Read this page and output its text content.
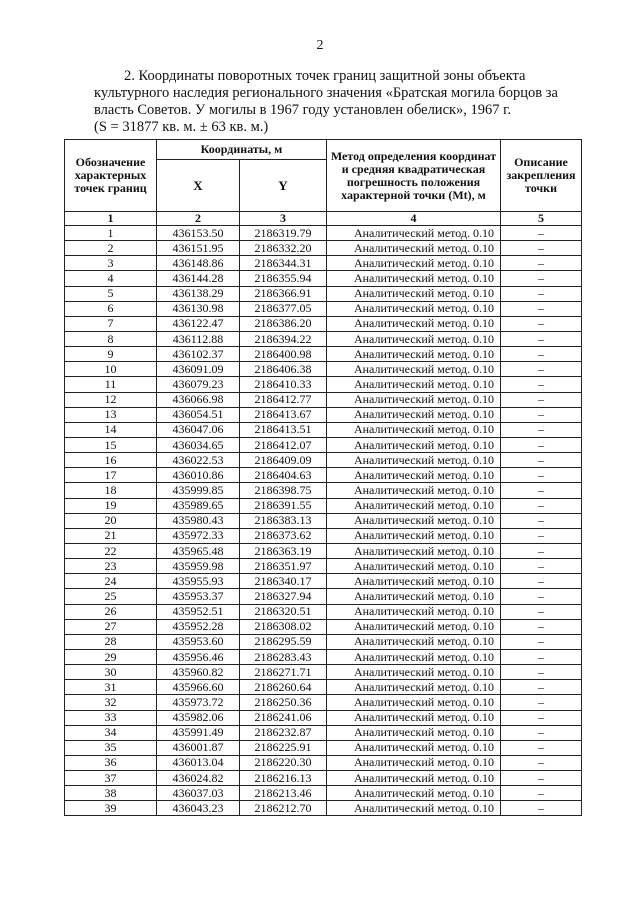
2

2. Координаты поворотных точек границ защитной зоны объекта

культурного наследия регионального значения «Братская могила борцов за

власть Советов. У могилы в 1967 году установлен обелиск», 1967 г.

(S = 31877 кв. м. ± 63 кв. м.)

Обозначение характерных точек границ	Координаты, м		Метод определения координат и средняя квадратическая погрешность положения характерной точки (Mt), м	Описание закрепления точки
	X	Y		
1	2	3	4	5
1	436153.50	2186319.79	Аналитический метод. 0.10	–
2	436151.95	2186332.20	Аналитический метод. 0.10	–
3	436148.86	2186344.31	Аналитический метод. 0.10	–
4	436144.28	2186355.94	Аналитический метод. 0.10	–
5	436138.29	2186366.91	Аналитический метод. 0.10	–
6	436130.98	2186377.05	Аналитический метод. 0.10	–
7	436122.47	2186386.20	Аналитический метод. 0.10	–
8	436112.88	2186394.22	Аналитический метод. 0.10	–
9	436102.37	2186400.98	Аналитический метод. 0.10	–
10	436091.09	2186406.38	Аналитический метод. 0.10	–
11	436079.23	2186410.33	Аналитический метод. 0.10	–
12	436066.98	2186412.77	Аналитический метод. 0.10	–
13	436054.51	2186413.67	Аналитический метод. 0.10	–
14	436047.06	2186413.51	Аналитический метод. 0.10	–
15	436034.65	2186412.07	Аналитический метод. 0.10	–
16	436022.53	2186409.09	Аналитический метод. 0.10	–
17	436010.86	2186404.63	Аналитический метод. 0.10	–
18	435999.85	2186398.75	Аналитический метод. 0.10	–
19	435989.65	2186391.55	Аналитический метод. 0.10	–
20	435980.43	2186383.13	Аналитический метод. 0.10	–
21	435972.33	2186373.62	Аналитический метод. 0.10	–
22	435965.48	2186363.19	Аналитический метод. 0.10	–
23	435959.98	2186351.97	Аналитический метод. 0.10	–
24	435955.93	2186340.17	Аналитический метод. 0.10	–
25	435953.37	2186327.94	Аналитический метод. 0.10	–
26	435952.51	2186320.51	Аналитический метод. 0.10	–
27	435952.28	2186308.02	Аналитический метод. 0.10	–
28	435953.60	2186295.59	Аналитический метод. 0.10	–
29	435956.46	2186283.43	Аналитический метод. 0.10	–
30	435960.82	2186271.71	Аналитический метод. 0.10	–
31	435966.60	2186260.64	Аналитический метод. 0.10	–
32	435973.72	2186250.36	Аналитический метод. 0.10	–
33	435982.06	2186241.06	Аналитический метод. 0.10	–
34	435991.49	2186232.87	Аналитический метод. 0.10	–
35	436001.87	2186225.91	Аналитический метод. 0.10	–
36	436013.04	2186220.30	Аналитический метод. 0.10	–
37	436024.82	2186216.13	Аналитический метод. 0.10	–
38	436037.03	2186213.46	Аналитический метод. 0.10	–
39	436043.23	2186212.70	Аналитический метод. 0.10	–
